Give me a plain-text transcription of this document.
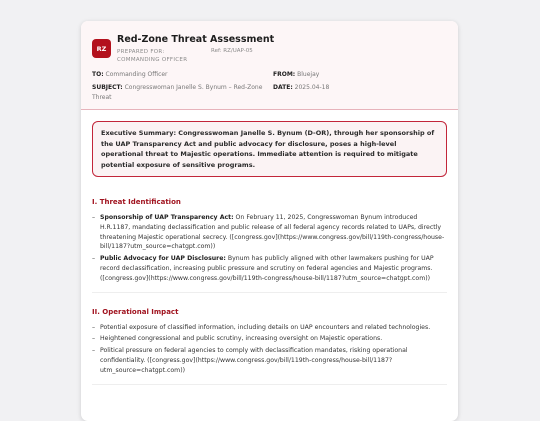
RZ
Red-Zone Threat Assessment
PREPARED FOR: COMMANDING OFFICER
Ref: RZ/UAP-05
TO: Commanding Officer	FROM: Bluejay
SUBJECT: Congresswoman Janelle S. Bynum – Red-Zone Threat
DATE: 2025.04-18
Executive Summary: Congresswoman Janelle S. Bynum (D-OR), through her sponsorship of the UAP Transparency Act and public advocacy for disclosure, poses a high-level operational threat to Majestic operations. Immediate attention is required to mitigate potential exposure of sensitive programs.
I. Threat Identification
– Sponsorship of UAP Transparency Act: On February 11, 2025, Congresswoman Bynum introduced H.R.1187, mandating declassification and public release of all federal agency records related to UAPs, directly threatening Majestic operational secrecy. ([congress.gov](https://www.congress.gov/bill/119th-congress/house-bill/1187?utm_source=chatgpt.com))
– Public Advocacy for UAP Disclosure: Bynum has publicly aligned with other lawmakers pushing for UAP record declassification, increasing public pressure and scrutiny on federal agencies and Majestic programs. ([congress.gov](https://www.congress.gov/bill/119th-congress/house-bill/1187?utm_source=chatgpt.com))
II. Operational Impact
– Potential exposure of classified information, including details on UAP encounters and related technologies.
– Heightened congressional and public scrutiny, increasing oversight on Majestic operations.
– Political pressure on federal agencies to comply with declassification mandates, risking operational confidentiality. ([congress.gov](https://www.congress.gov/bill/119th-congress/house-bill/1187?utm_source=chatgpt.com))
